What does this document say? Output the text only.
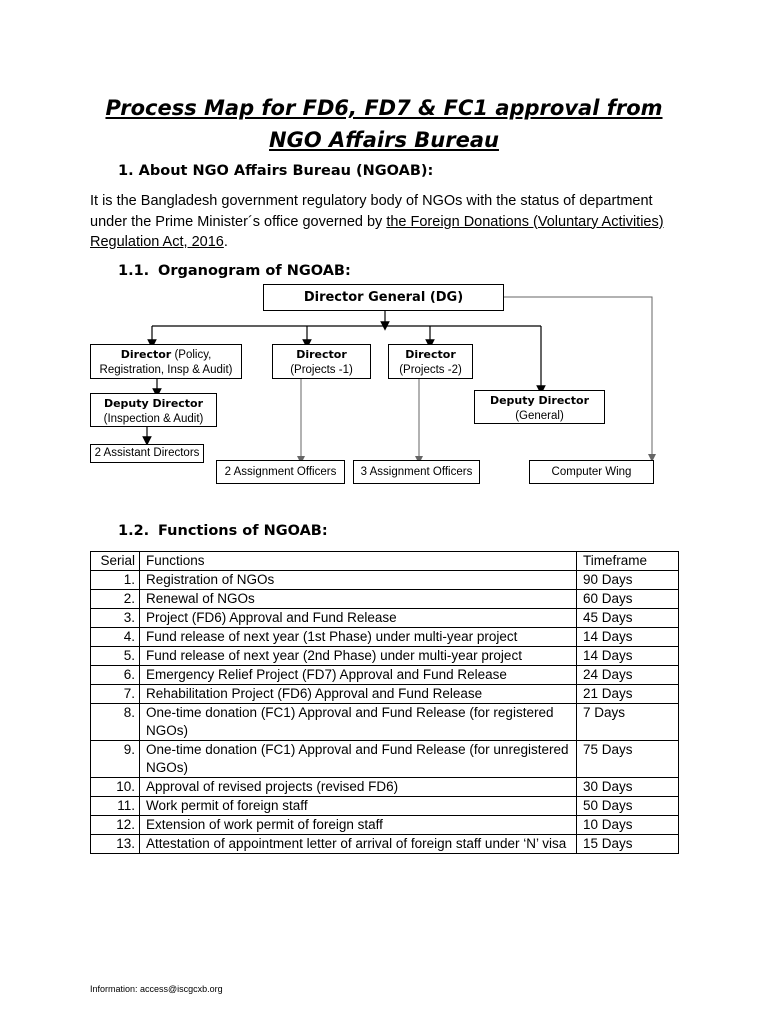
Process Map for FD6, FD7 & FC1 approval from
NGO Affairs Bureau
1. About NGO Affairs Bureau (NGOAB):

It is the Bangladesh government regulatory body of NGOs with the status of department under the Prime Minister´s office governed by the Foreign Donations (Voluntary Activities) Regulation Act, 2016.

1.1. Organogram of NGOAB:
Director General (DG)
Director (Policy,
Registration, Insp & Audit)
Director
(Projects -1)
Director
(Projects -2)
Deputy Director
(Inspection & Audit)
Deputy Director
(General)
2 Assistant Directors
2 Assignment Officers	3 Assignment Officers	Computer Wing
1.2. Functions of NGOAB:
Serial	Functions	Timeframe
1.	Registration of NGOs	90 Days
2.	Renewal of NGOs	60 Days
3.	Project (FD6) Approval and Fund Release	45 Days
4.	Fund release of next year (1st Phase) under multi-year project	14 Days
5.	Fund release of next year (2nd Phase) under multi-year project	14 Days
6.	Emergency Relief Project (FD7) Approval and Fund Release	24 Days
7.	Rehabilitation Project (FD6) Approval and Fund Release	21 Days
8.	One-time donation (FC1) Approval and Fund Release (for registered NGOs)	7 Days
9.	One-time donation (FC1) Approval and Fund Release (for unregistered NGOs)	75 Days
10.	Approval of revised projects (revised FD6)	30 Days
11.	Work permit of foreign staff	50 Days
12.	Extension of work permit of foreign staff	10 Days
13.	Attestation of appointment letter of arrival of foreign staff under ‘N’ visa	15 Days
Information: access@iscgcxb.org
